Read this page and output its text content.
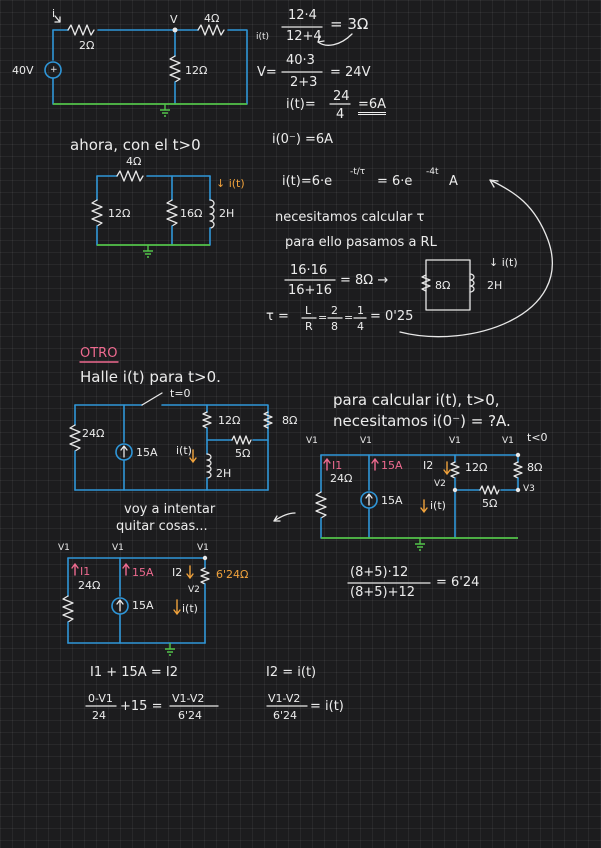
i	V
2Ω
4Ω
12Ω
40V +
12·4
12+4
= 3Ω
i(t)
V=
40·3
2+3
= 24V
i(t)=
24
4
=6A
i(0⁻) =6A
ahora, con el t>0
4Ω
12Ω	16Ω 2H
↓ i(t)	i(t)=6·e
-t/τ
= 6·e
-4t
A
necesitamos calcular τ
para ello pasamos a RL
16·16
16+16
= 8Ω →	8Ω	2H
↓ i(t)
τ = L
R
=
2
8
=
1
4
= 0'25
OTRO
Halle i(t) para t>0.
t=0
24Ω
15A
12Ω	8Ω
5Ω
2H
i(t)
para calcular i(t), t>0,
necesitamos i(0⁻) = ?A.
t<0
V1	V1	V1	V1
V2	V3
I1
24Ω
15A
15A
I2	12Ω	8Ω
5Ω
i(t)
voy a intentar
quitar cosas...
V1	V1	V1
I1
24Ω
15A
15A
I2
V2
6'24Ω
i(t)
(8+5)·12
(8+5)+12
= 6'24
I1 + 15A = I2	I2 = i(t)
0-V1
24
+15 =
V1-V2
6'24
V1-V2
6'24
= i(t)
